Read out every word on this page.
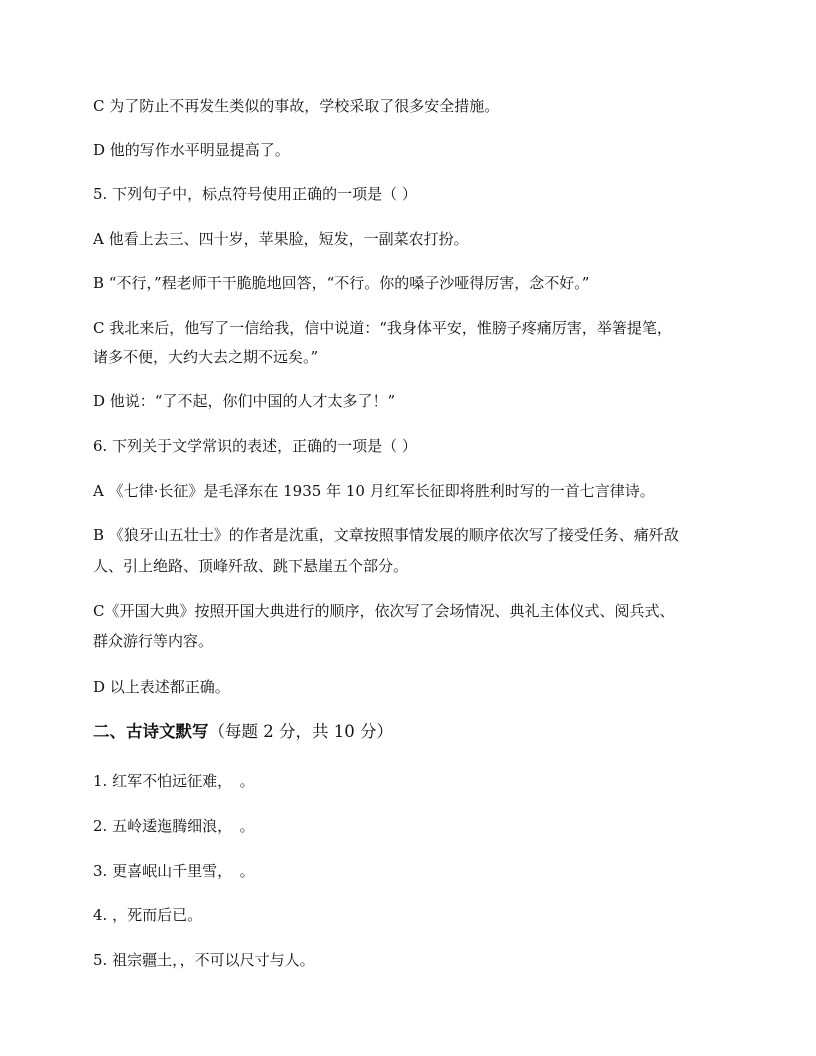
C 为了防止不再发生类似的事故，学校采取了很多安全措施。
D 他的写作水平明显提高了。
5. 下列句子中，标点符号使用正确的一项是（ ）
A 他看上去三、四十岁，苹果脸，短发，一副菜农打扮。
B “不行，”程老师干干脆脆地回答，“不行。你的嗓子沙哑得厉害，念不好。”
C 我北来后，他写了一信给我，信中说道：“我身体平安，惟膀子疼痛厉害，举箸提笔，
诸多不便，大约大去之期不远矣。”
D 他说：“了不起，你们中国的人才太多了！”
6. 下列关于文学常识的表述，正确的一项是（ ）
A 《七律·长征》是毛泽东在 1935 年 10 月红军长征即将胜利时写的一首七言律诗。
B 《狼牙山五壮士》的作者是沈重，文章按照事情发展的顺序依次写了接受任务、痛歼敌
人、引上绝路、顶峰歼敌、跳下悬崖五个部分。
C《开国大典》按照开国大典进行的顺序，依次写了会场情况、典礼主体仪式、阅兵式、
群众游行等内容。
D 以上表述都正确。
二、古诗文默写（每题 2 分，共 10 分）
1. 红军不怕远征难，　。
2. 五岭逶迤腾细浪，　。
3. 更喜岷山千里雪，　。
4. ，死而后已。
5. 祖宗疆土，，不可以尺寸与人。
